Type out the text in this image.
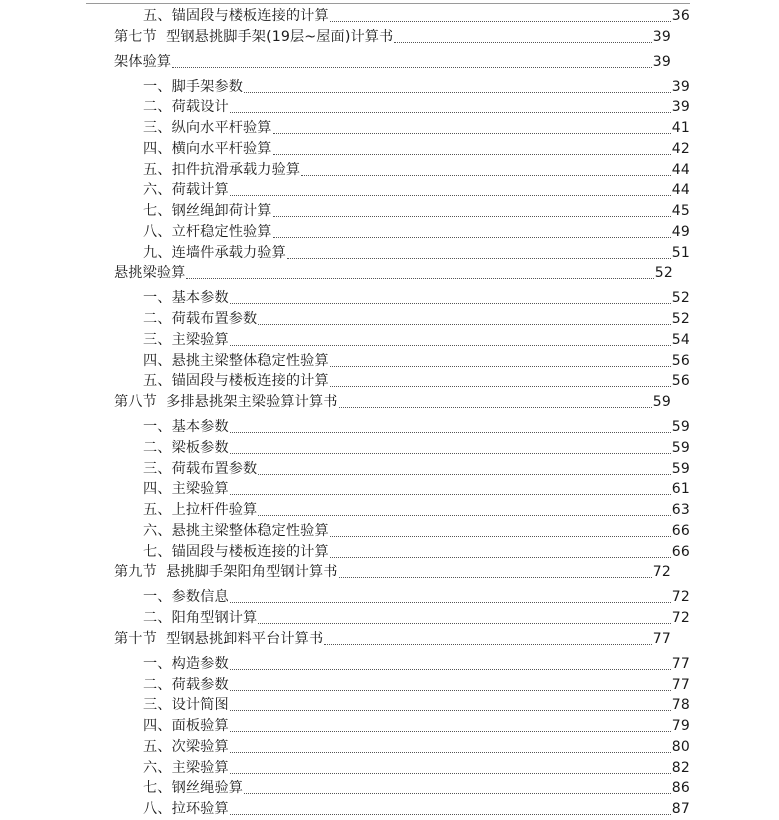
五、锚固段与楼板连接的计算	36
第七节  型钢悬挑脚手架(19层~屋面)计算书	39
架体验算	39
一、脚手架参数	39
二、荷载设计	39
三、纵向水平杆验算	41
四、横向水平杆验算	42
五、扣件抗滑承载力验算	44
六、荷载计算	44
七、钢丝绳卸荷计算	45
八、立杆稳定性验算	49
九、连墙件承载力验算	51
悬挑梁验算	52
一、基本参数	52
二、荷载布置参数	52
三、主梁验算	54
四、悬挑主梁整体稳定性验算	56
五、锚固段与楼板连接的计算	56
第八节  多排悬挑架主梁验算计算书	59
一、基本参数	59
二、梁板参数	59
三、荷载布置参数	59
四、主梁验算	61
五、上拉杆件验算	63
六、悬挑主梁整体稳定性验算	66
七、锚固段与楼板连接的计算	66
第九节  悬挑脚手架阳角型钢计算书	72
一、参数信息	72
二、阳角型钢计算	72
第十节  型钢悬挑卸料平台计算书	77
一、构造参数	77
二、荷载参数	77
三、设计简图	78
四、面板验算	79
五、次梁验算	80
六、主梁验算	82
七、钢丝绳验算	86
八、拉环验算	87
